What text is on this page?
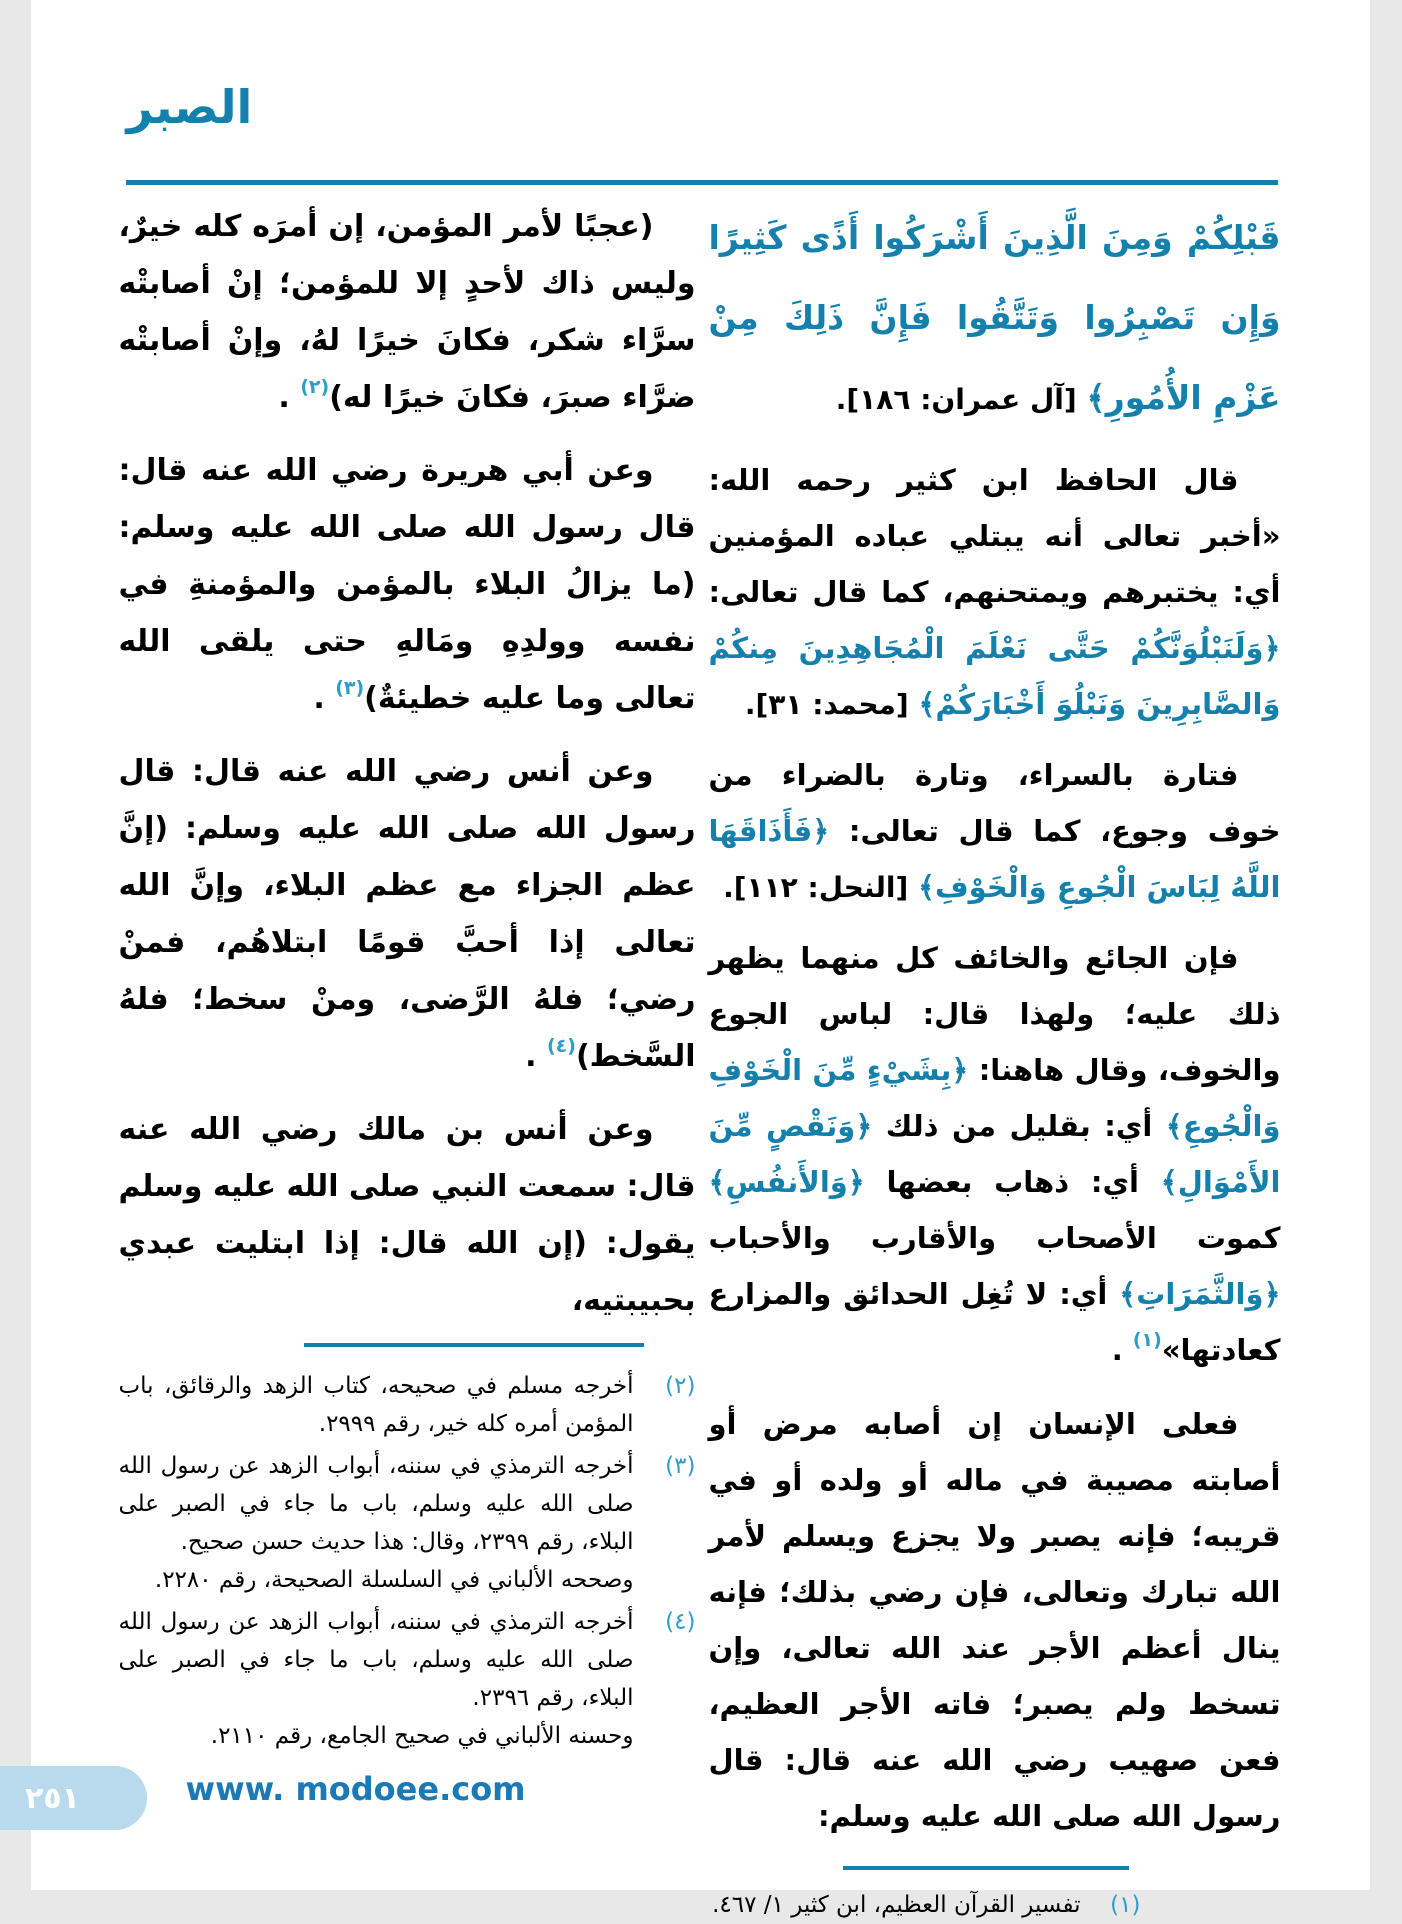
الصبر

قَبْلِكُمْ وَمِنَ الَّذِينَ أَشْرَكُوا أَذًى كَثِيرًا وَإِن تَصْبِرُوا وَتَتَّقُوا فَإِنَّ ذَلِكَ مِنْ عَزْمِ الأُمُورِ﴾ [آل عمران: ١٨٦].

قال الحافظ ابن كثير رحمه الله: «أخبر تعالى أنه يبتلي عباده المؤمنين أي: يختبرهم ويمتحنهم، كما قال تعالى: ﴿وَلَنَبْلُوَنَّكُمْ حَتَّى نَعْلَمَ الْمُجَاهِدِينَ مِنكُمْ وَالصَّابِرِينَ وَنَبْلُوَ أَخْبَارَكُمْ﴾ [محمد: ٣١].

فتارة بالسراء، وتارة بالضراء من خوف وجوع، كما قال تعالى: ﴿فَأَذَاقَهَا اللَّهُ لِبَاسَ الْجُوعِ وَالْخَوْفِ﴾ [النحل: ١١٢].

فإن الجائع والخائف كل منهما يظهر ذلك عليه؛ ولهذا قال: لباس الجوع والخوف، وقال هاهنا: ﴿بِشَيْءٍ مِّنَ الْخَوْفِ وَالْجُوعِ﴾ أي: بقليل من ذلك ﴿وَنَقْصٍ مِّنَ الأَمْوَالِ﴾ أي: ذهاب بعضها ﴿وَالأَنفُسِ﴾ كموت الأصحاب والأقارب والأحباب ﴿وَالثَّمَرَاتِ﴾ أي: لا تُغِل الحدائق والمزارع كعادتها»$^{(١)}$ .

فعلى الإنسان إن أصابه مرض أو أصابته مصيبة في ماله أو ولده أو في قريبه؛ فإنه يصبر ولا يجزع ويسلم لأمر الله تبارك وتعالى، فإن رضي بذلك؛ فإنه ينال أعظم الأجر عند الله تعالى، وإن تسخط ولم يصبر؛ فاته الأجر العظيم، فعن صهيب رضي الله عنه قال: قال رسول الله صلى الله عليه وسلم:

(١)

تفسير القرآن العظيم، ابن كثير ١/ ٤٦٧.

(عجبًا لأمر المؤمن، إن أمرَه كله خيرٌ، وليس ذاك لأحدٍ إلا للمؤمن؛ إنْ أصابتْه سرَّاء شكر، فكانَ خيرًا لهُ، وإنْ أصابتْه ضرَّاء صبرَ، فكانَ خيرًا له)$^{(٢)}$ .

وعن أبي هريرة رضي الله عنه قال: قال رسول الله صلى الله عليه وسلم: (ما يزالُ البلاء بالمؤمن والمؤمنةِ في نفسه وولدِهِ ومَالهِ حتى يلقى الله تعالى وما عليه خطيئةٌ)$^{(٣)}$ .

وعن أنس رضي الله عنه قال: قال رسول الله صلى الله عليه وسلم: (إنَّ عظم الجزاء مع عظم البلاء، وإنَّ الله تعالى إذا أحبَّ قومًا ابتلاهُم، فمنْ رضي؛ فلهُ الرَّضى، ومنْ سخط؛ فلهُ السَّخط)$^{(٤)}$ .

وعن أنس بن مالك رضي الله عنه قال: سمعت النبي صلى الله عليه وسلم يقول: (إن الله قال: إذا ابتليت عبدي بحبيبتيه،

(٢)

أخرجه مسلم في صحيحه، كتاب الزهد والرقائق، باب المؤمن أمره كله خير، رقم ٢٩٩٩.

(٣)

أخرجه الترمذي في سننه، أبواب الزهد عن رسول الله صلى الله عليه وسلم، باب ما جاء في الصبر على البلاء، رقم ٢٣٩٩، وقال: هذا حديث حسن صحيح.

وصححه الألباني في السلسلة الصحيحة، رقم ٢٢٨٠.

(٤)

أخرجه الترمذي في سننه، أبواب الزهد عن رسول الله صلى الله عليه وسلم، باب ما جاء في الصبر على البلاء، رقم ٢٣٩٦.

وحسنه الألباني في صحيح الجامع، رقم ٢١١٠.

٢٥١	www. modoee.com
